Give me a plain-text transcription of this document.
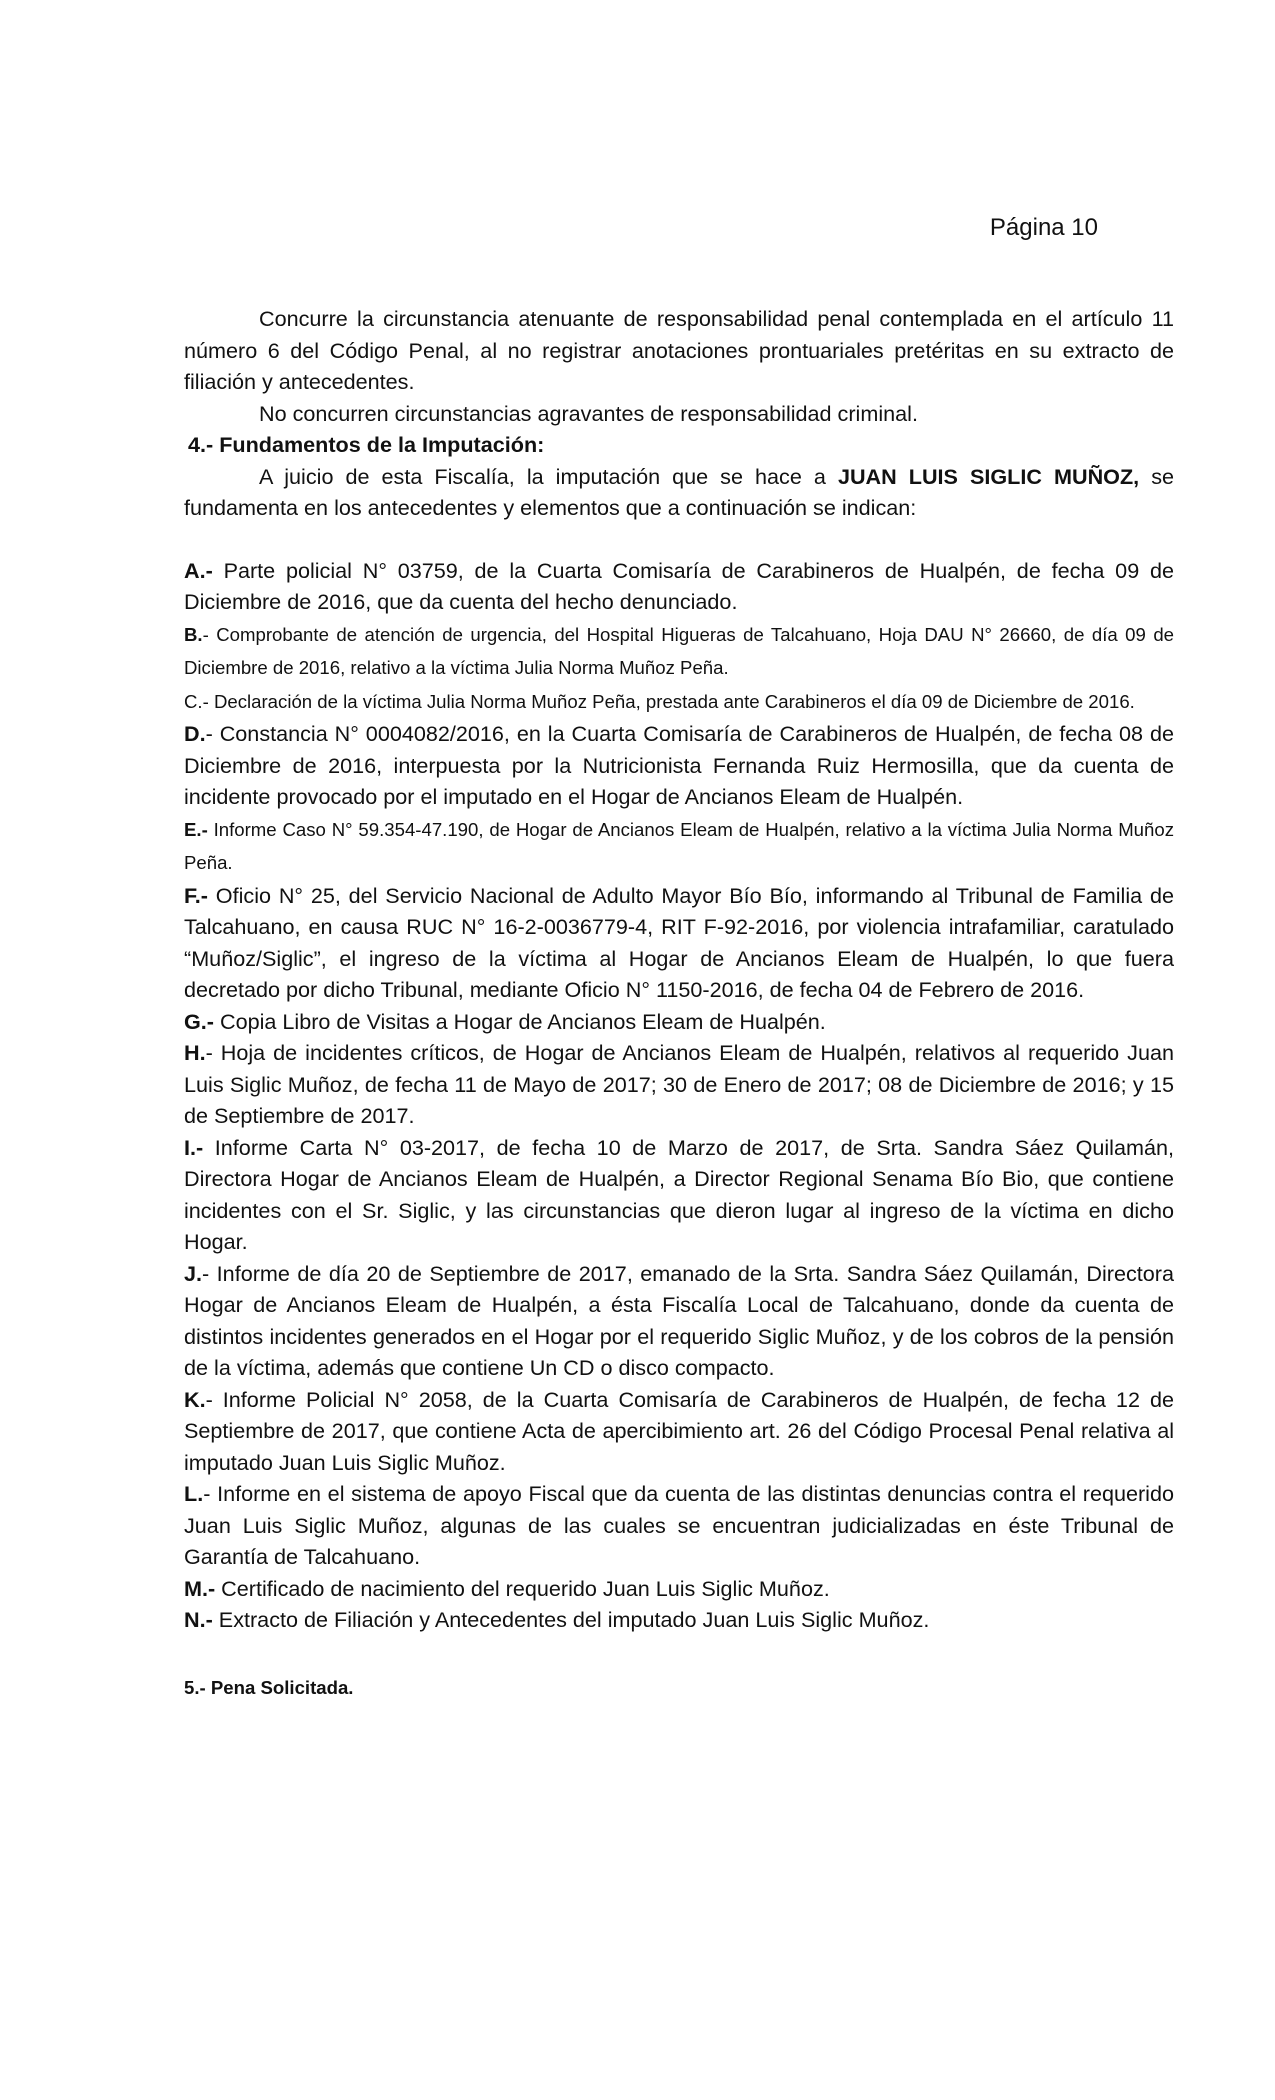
Página 10

Concurre la circunstancia atenuante de responsabilidad penal contemplada en el artículo 11 número 6 del Código Penal, al no registrar anotaciones prontuariales pretéritas en su extracto de filiación y antecedentes.

No concurren circunstancias agravantes de responsabilidad criminal.

4.- Fundamentos de la Imputación:

A juicio de esta Fiscalía, la imputación que se hace a JUAN LUIS SIGLIC MUÑOZ, se fundamenta en los antecedentes y elementos que a continuación se indican:

A.- Parte policial N° 03759, de la Cuarta Comisaría de Carabineros de Hualpén, de fecha 09 de Diciembre de 2016, que da cuenta del hecho denunciado.

B.- Comprobante de atención de urgencia, del Hospital Higueras de Talcahuano, Hoja DAU N° 26660, de día 09 de Diciembre de 2016, relativo a la víctima Julia Norma Muñoz Peña.

C.- Declaración de la víctima Julia Norma Muñoz Peña, prestada ante Carabineros el día 09 de Diciembre de 2016.

D.- Constancia N° 0004082/2016, en la Cuarta Comisaría de Carabineros de Hualpén, de fecha 08 de Diciembre de 2016, interpuesta por la Nutricionista Fernanda Ruiz Hermosilla, que da cuenta de incidente provocado por el imputado en el Hogar de Ancianos Eleam de Hualpén.

E.- Informe Caso N° 59.354-47.190, de Hogar de Ancianos Eleam de Hualpén, relativo a la víctima Julia Norma Muñoz Peña.

F.- Oficio N° 25, del Servicio Nacional de Adulto Mayor Bío Bío, informando al Tribunal de Familia de Talcahuano, en causa RUC N° 16-2-0036779-4, RIT F-92-2016, por violencia intrafamiliar, caratulado “Muñoz/Siglic”, el ingreso de la víctima al Hogar de Ancianos Eleam de Hualpén, lo que fuera decretado por dicho Tribunal, mediante Oficio N° 1150-2016, de fecha 04 de Febrero de 2016.

G.- Copia Libro de Visitas a Hogar de Ancianos Eleam de Hualpén.

H.- Hoja de incidentes críticos, de Hogar de Ancianos Eleam de Hualpén, relativos al requerido Juan Luis Siglic Muñoz, de fecha 11 de Mayo de 2017; 30 de Enero de 2017; 08 de Diciembre de 2016; y 15 de Septiembre de 2017.

I.- Informe Carta N° 03-2017, de fecha 10 de Marzo de 2017, de Srta. Sandra Sáez Quilamán, Directora Hogar de Ancianos Eleam de Hualpén, a Director Regional Senama Bío Bio, que contiene incidentes con el Sr. Siglic, y las circunstancias que dieron lugar al ingreso de la víctima en dicho Hogar.

J.- Informe de día 20 de Septiembre de 2017, emanado de la Srta. Sandra Sáez Quilamán, Directora Hogar de Ancianos Eleam de Hualpén, a ésta Fiscalía Local de Talcahuano, donde da cuenta de distintos incidentes generados en el Hogar por el requerido Siglic Muñoz, y de los cobros de la pensión de la víctima, además que contiene Un CD o disco compacto.

K.- Informe Policial N° 2058, de la Cuarta Comisaría de Carabineros de Hualpén, de fecha 12 de Septiembre de 2017, que contiene Acta de apercibimiento art. 26 del Código Procesal Penal relativa al imputado Juan Luis Siglic Muñoz.

L.- Informe en el sistema de apoyo Fiscal que da cuenta de las distintas denuncias contra el requerido Juan Luis Siglic Muñoz, algunas de las cuales se encuentran judicializadas en éste Tribunal de Garantía de Talcahuano.

M.- Certificado de nacimiento del requerido Juan Luis Siglic Muñoz.

N.- Extracto de Filiación y Antecedentes del imputado Juan Luis Siglic Muñoz.

5.- Pena Solicitada.
